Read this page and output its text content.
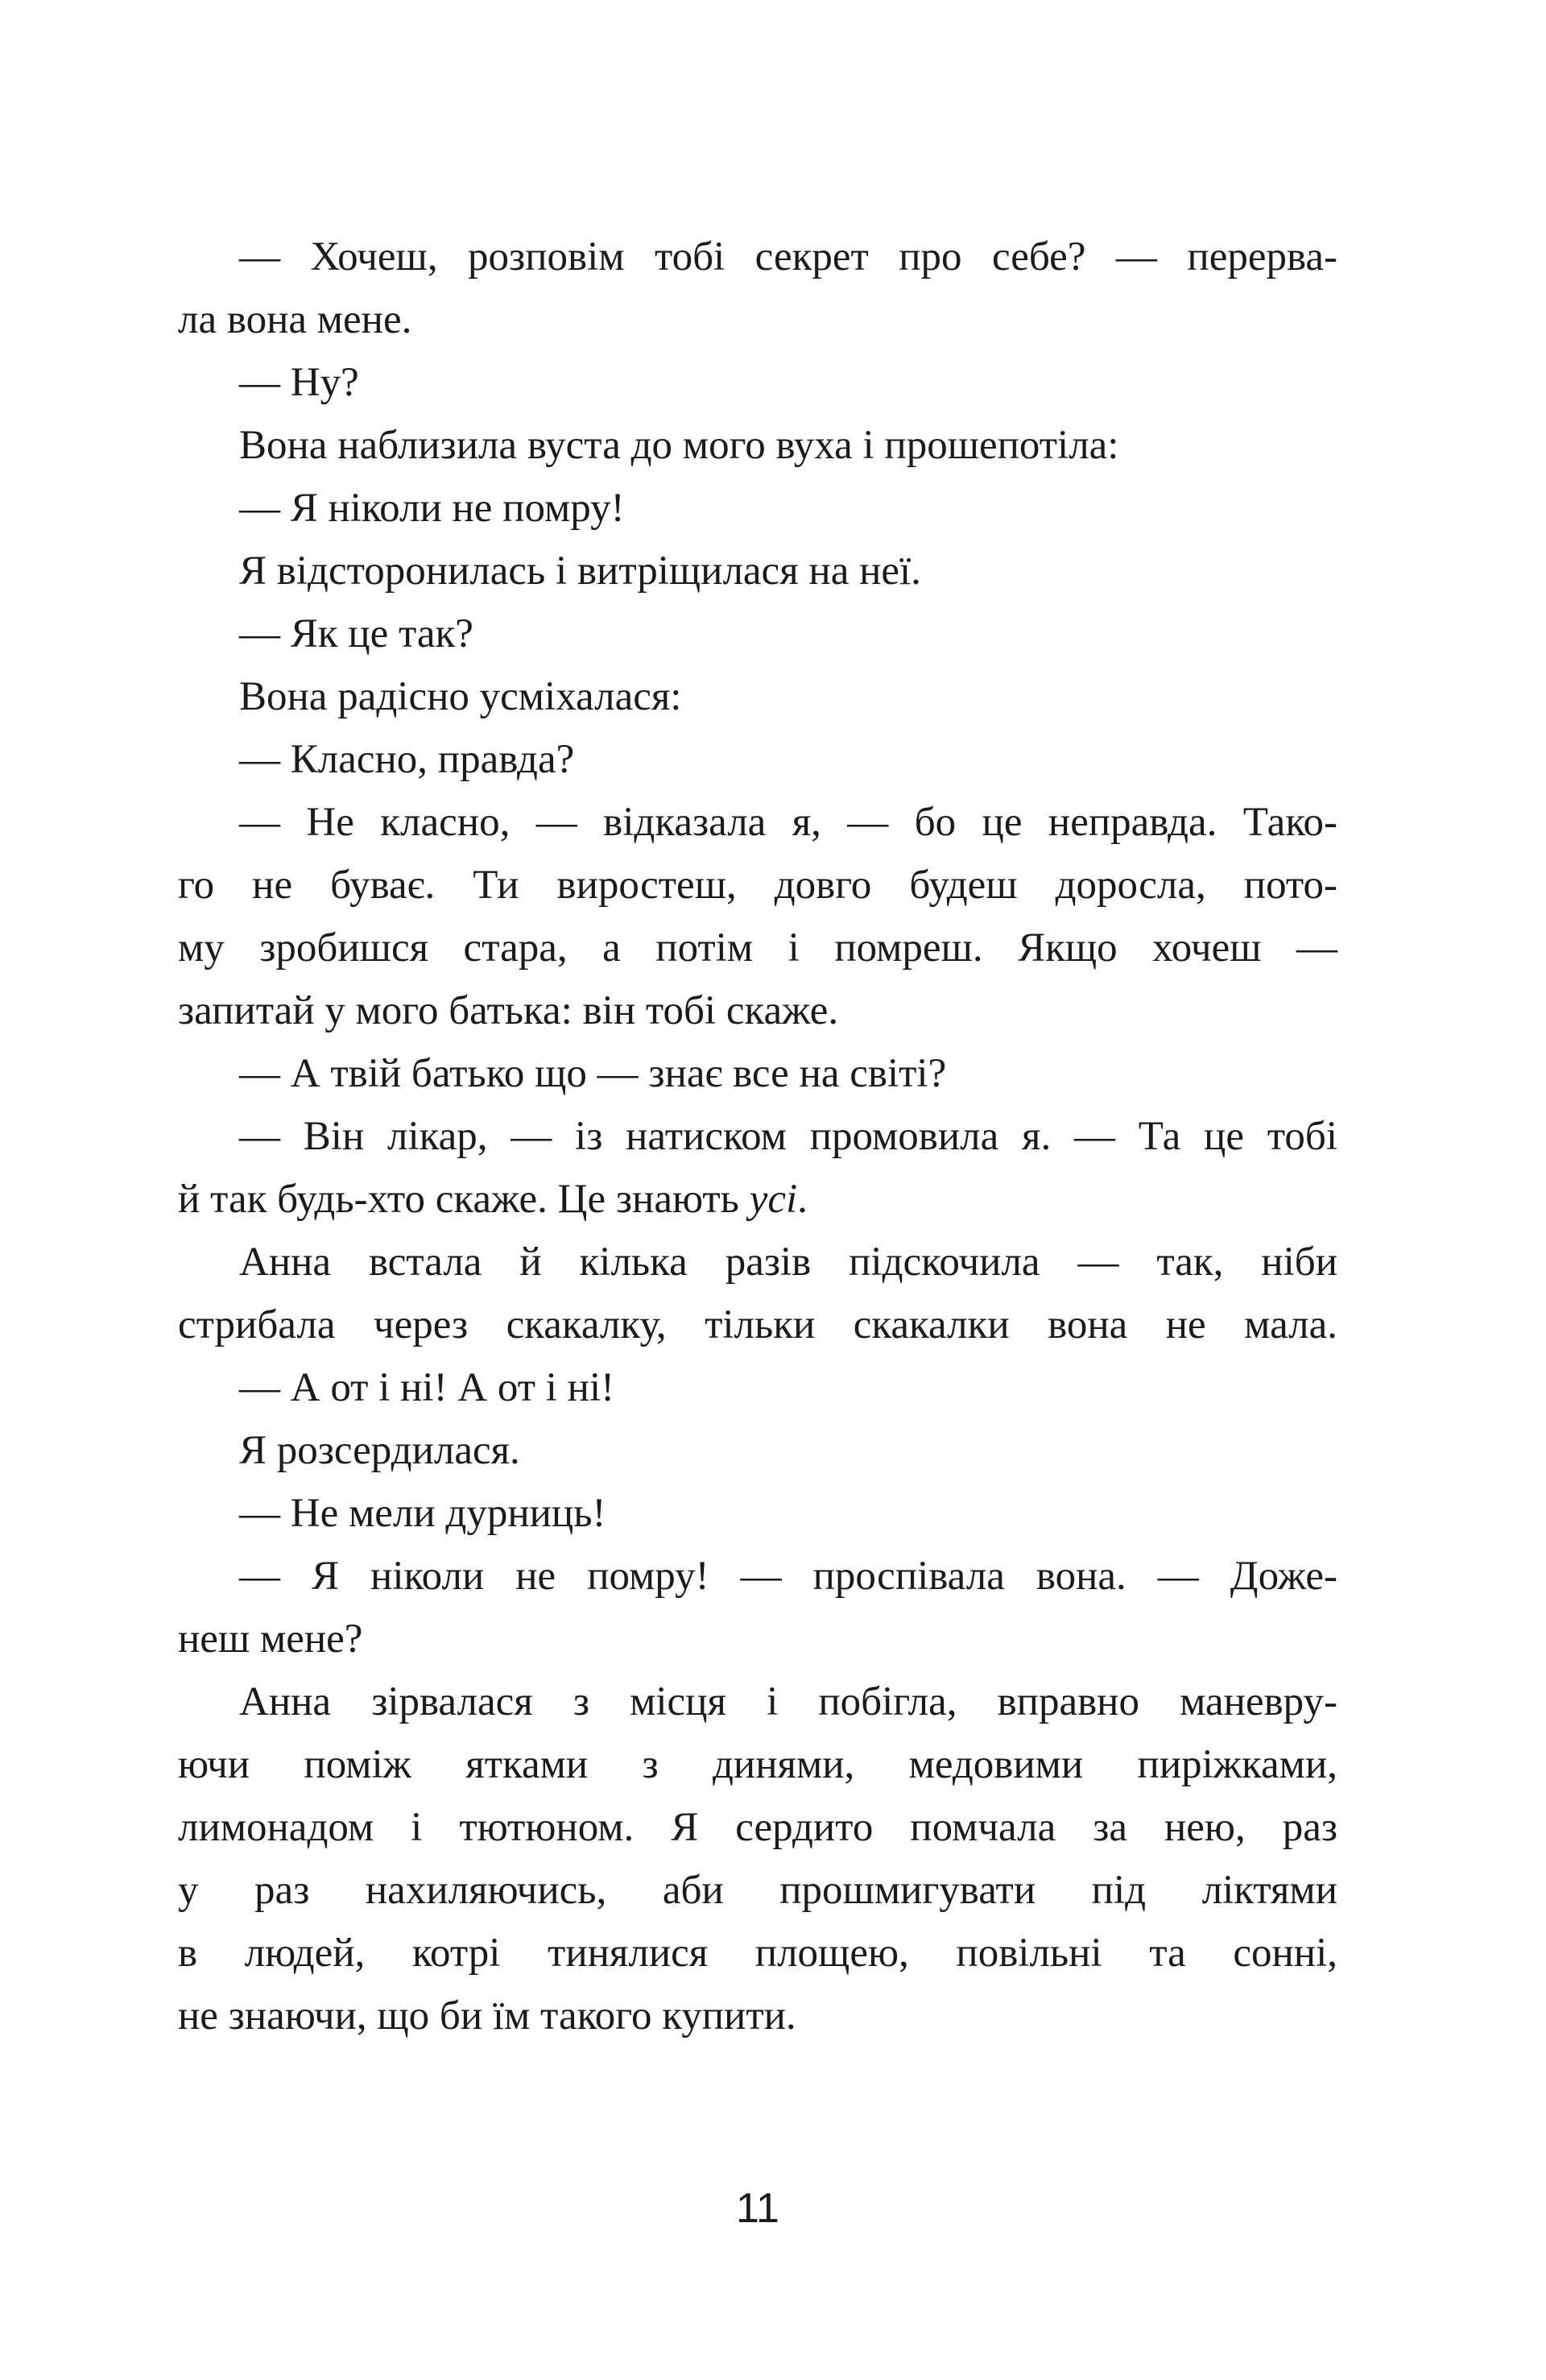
— Хочеш, розповім тобі секрет про себе? — перерва-
ла вона мене.
— Ну?
Вона наблизила вуста до мого вуха і прошепотіла:
— Я ніколи не помру!
Я відсторонилась і витріщилася на неї.
— Як це так?
Вона радісно усміхалася:
— Класно, правда?
— Не класно, — відказала я, — бо це неправда. Тако-
го не буває. Ти виростеш, довго будеш доросла, пото-
му зробишся стара, а потім і помреш. Якщо хочеш —
запитай у мого батька: він тобі скаже.
— А твій батько що — знає все на світі?
— Він лікар, — із натиском промовила я. — Та це тобі
й так будь-хто скаже. Це знають усі.
Анна встала й кілька разів підскочила — так, ніби
стрибала через скакалку, тільки скакалки вона не мала.
— А от і ні! А от і ні!
Я розсердилася.
— Не мели дурниць!
— Я ніколи не помру! — проспівала вона. — Доже-
неш мене?
Анна зірвалася з місця і побігла, вправно маневру-
ючи поміж ятками з динями, медовими пиріжками,
лимонадом і тютюном. Я сердито помчала за нею, раз
у раз нахиляючись, аби прошмигувати під ліктями
в людей, котрі тинялися площею, повільні та сонні,
не знаючи, що би їм такого купити.
11
